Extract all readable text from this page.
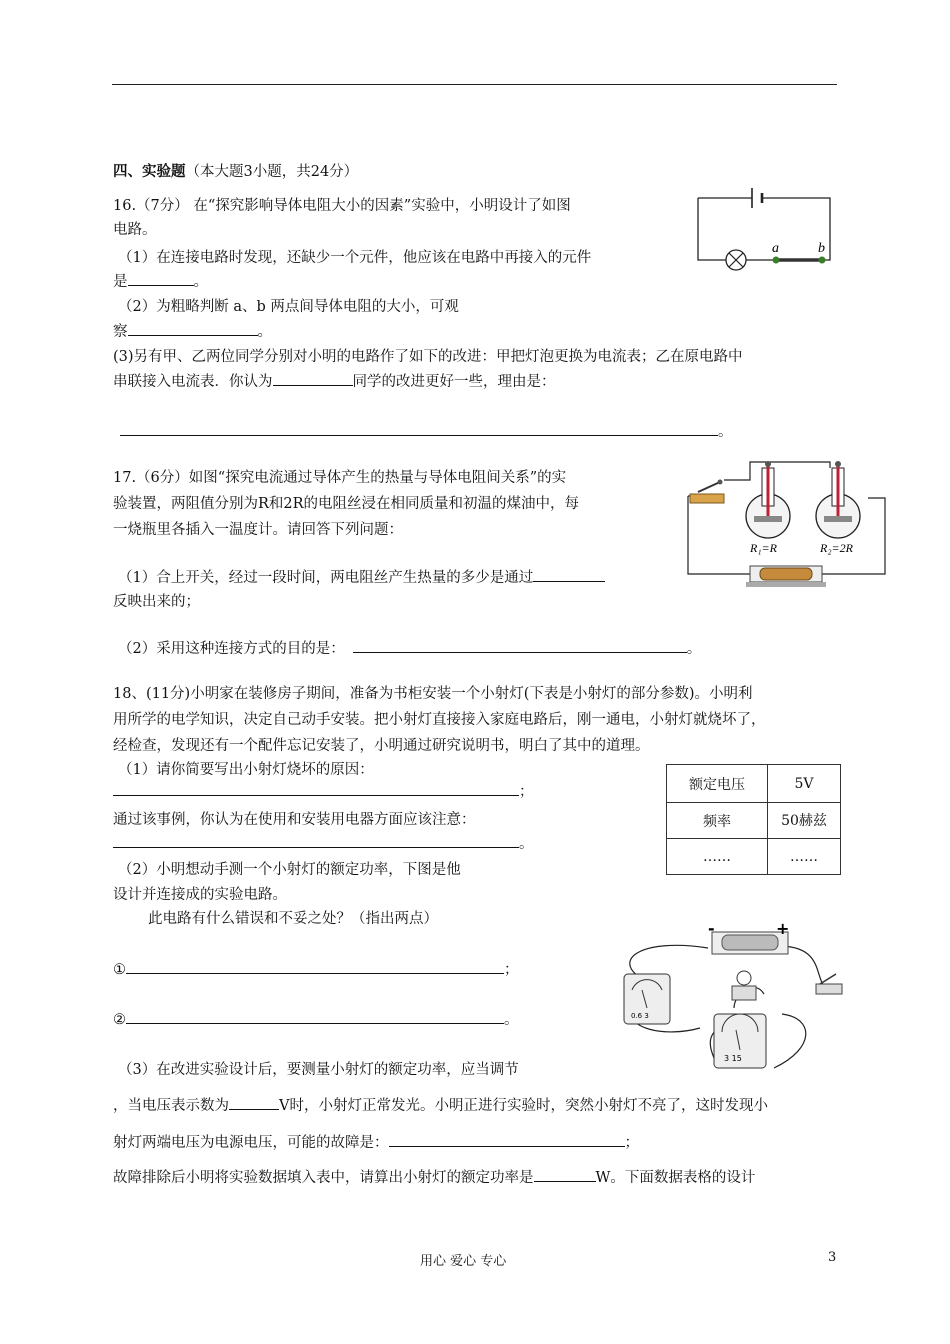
四、实验题（本大题3小题，共24分）
16.（7分） 在“探究影响导体电阻大小的因素”实验中，小明设计了如图
电路。
（1）在连接电路时发现，还缺少一个元件，他应该在电路中再接入的元件
是	。
（2）为粗略判断 a、b 两点间导体电阻的大小，可观
察	。
(3)另有甲、乙两位同学分别对小明的电路作了如下的改进：甲把灯泡更换为电流表；乙在原电路中
串联接入电流表．你认为	同学的改进更好一些，理由是：
。
a	b
17.（6分）如图“探究电流通过导体产生的热量与导体电阻间关系”的实
验装置，两阻值分别为R和2R的电阻丝浸在相同质量和初温的煤油中，每
一烧瓶里各插入一温度计。请回答下列问题：
（1）合上开关，经过一段时间，两电阻丝产生热量的多少是通过
反映出来的；
（2）采用这种连接方式的目的是：	。
R₁=R	R₂=2R
18、(11分)小明家在装修房子期间，准备为书柜安装一个小射灯(下表是小射灯的部分参数)。小明利
用所学的电学知识，决定自己动手安装。把小射灯直接接入家庭电路后，刚一通电，小射灯就烧坏了，
经检查，发现还有一个配件忘记安装了，小明通过研究说明书，明白了其中的道理。
（1）请你简要写出小射灯烧坏的原因：
；
通过该事例，你认为在使用和安装用电器方面应该注意：
。
（2）小明想动手测一个小射灯的额定功率，下图是他
设计并连接成的实验电路。
此电路有什么错误和不妥之处？（指出两点）
①	；
②	。
（3）在改进实验设计后，要测量小射灯的额定功率，应当调节
，当电压表示数为	V时，小射灯正常发光。小明正进行实验时，突然小射灯不亮了，这时发现小
射灯两端电压为电源电压，可能的故障是：	；
故障排除后小明将实验数据填入表中，请算出小射灯的额定功率是	W。下面数据表格的设计
额定电压	5V
频率	50赫兹
……	……
-	+
0.6 3
3 15
用心 爱心 专心	3
